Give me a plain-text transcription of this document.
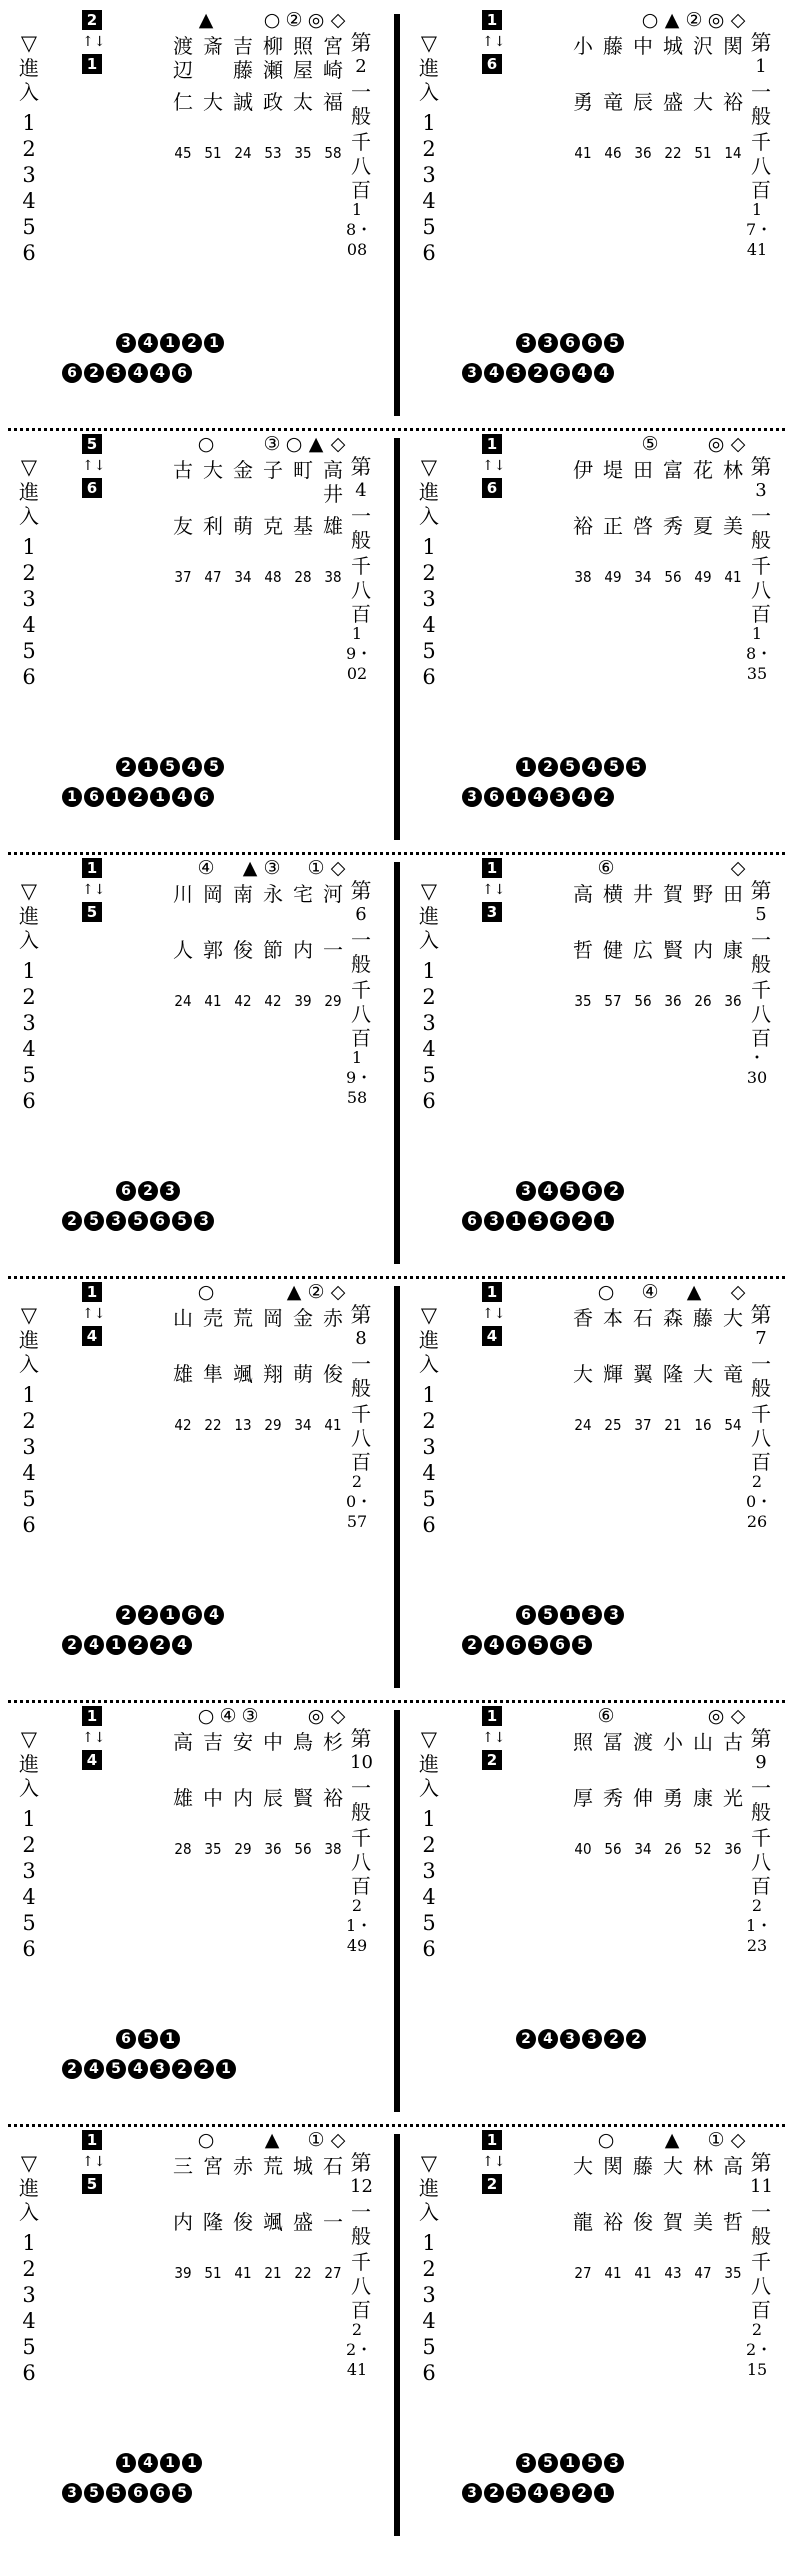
▽
進入
1
2
3
4
5
6
2
第
一般
千八百
2
↑↓
1
◇
◎
②
○
▲
宮崎
福
58
照屋
太
35
柳瀬
政
53
吉藤
誠
24
斎
大
51
渡辺
仁
45
18・08
3 4 1 2 1
6 2 3 4 4 6
▽
進入
1
2
3
4
5
6
1
第
一般
千八百
1
↑↓
6
◇
◎
②
▲
○
関
裕
14
沢
大
51
城
盛
22
中
辰
36
藤
竜
46
小
勇
41
17・41
3 3 6 6 5
3 4 3 2 6 4 4
▽
進入
1
2
3
4
5
6
4
第
一般
千八百
5
↑↓
6
◇
▲
○
③
○
高井
雄
38
町
基
28
子
克
48
金
萌
34
大
利
47
古
友
37
19・02
2 1 5 4 5
1 6 1 2 1 4 6
▽
進入
1
2
3
4
5
6
3
第
一般
千八百
1
↑↓
6
◇
◎
⑤
林
美
41
花
夏
49
富
秀
56
田
啓
34
堤
正
49
伊
裕
38
18・35
1 2 5 4 5 5
3 6 1 4 3 4 2
▽
進入
1
2
3
4
5
6
6
第
一般
千八百
1
↑↓
5
◇
①
③
▲
④
河
一
29
宅
内
39
永
節
42
南
俊
42
岡
郭
41
川
人
24
19・58
6 2 3
2 5 3 5 6 5 3
▽
進入
1
2
3
4
5
6
5
第
一般
千八百
1
↑↓
3
◇
⑥
田
康
36
野
内
26
賀
賢
36
井
広
56
横
健
57
高
哲
35
・30
3 4 5 6 2
6 3 1 3 6 2 1
▽
進入
1
2
3
4
5
6
8
第
一般
千八百
1
↑↓
4
◇
②
▲
○
赤
俊
41
金
萌
34
岡
翔
29
荒
颯
13
売
隼
22
山
雄
42
20・57
2 2 1 6 4
2 4 1 2 2 4
▽
進入
1
2
3
4
5
6
7
第
一般
千八百
1
↑↓
4
◇
▲
④
○
大
竜
54
藤
大
16
森
隆
21
石
翼
37
本
輝
25
香
大
24
20・26
6 5 1 3 3
2 4 6 5 6 5
▽
進入
1
2
3
4
5
6
10
第
一般
千八百
1
↑↓
4
◇
◎
③
④
○
杉
裕
38
鳥
賢
56
中
辰
36
安
内
29
吉
中
35
高
雄
28
21・49
6 5 1
2 4 5 4 3 2 2 1
▽
進入
1
2
3
4
5
6
9
第
一般
千八百
1
↑↓
2
◇
◎
⑥
古
光
36
山
康
52
小
勇
26
渡
伸
34
冨
秀
56
照
厚
40
21・23
2 4 3 3 2 2
▽
進入
1
2
3
4
5
6
12
第
一般
千八百
1
↑↓
5
◇
①
▲
○
石
一
27
城
盛
22
荒
颯
21
赤
俊
41
宮
隆
51
三
内
39
22・41
1 4 1 1
3 5 5 6 6 5
▽
進入
1
2
3
4
5
6
11
第
一般
千八百
1
↑↓
2
◇
①
▲
○
高
哲
35
林
美
47
大
賀
43
藤
俊
41
関
裕
41
大
龍
27
22・15
3 5 1 5 3
3 2 5 4 3 2 1
